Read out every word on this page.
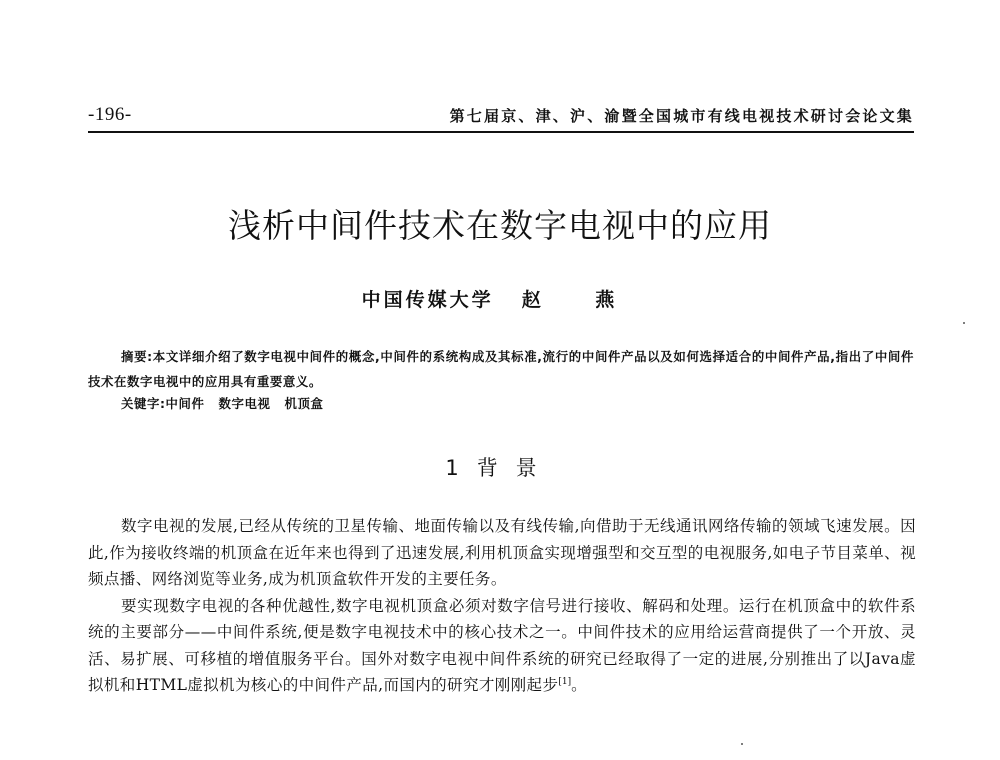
-196-	第七届京、津、沪、渝暨全国城市有线电视技术研讨会论文集
浅析中间件技术在数字电视中的应用
中国传媒大学 赵 燕

摘要:本文详细介绍了数字电视中间件的概念,中间件的系统构成及其标准,流行的中间件产品以及如何选择适合的中间件产品,指出了中间件技术在数字电视中的应用具有重要意义。

关键字:中间件 数字电视 机顶盒
1 背景

数字电视的发展,已经从传统的卫星传输、地面传输以及有线传输,向借助于无线通讯网络传输的领域飞速发展。因此,作为接收终端的机顶盒在近年来也得到了迅速发展,利用机顶盒实现增强型和交互型的电视服务,如电子节目菜单、视频点播、网络浏览等业务,成为机顶盒软件开发的主要任务。

要实现数字电视的各种优越性,数字电视机顶盒必须对数字信号进行接收、解码和处理。运行在机顶盒中的软件系统的主要部分——中间件系统,便是数字电视技术中的核心技术之一。中间件技术的应用给运营商提供了一个开放、灵活、易扩展、可移植的增值服务平台。国外对数字电视中间件系统的研究已经取得了一定的进展,分别推出了以Java虚拟机和HTML虚拟机为核心的中间件产品,而国内的研究才刚刚起步[1]。
